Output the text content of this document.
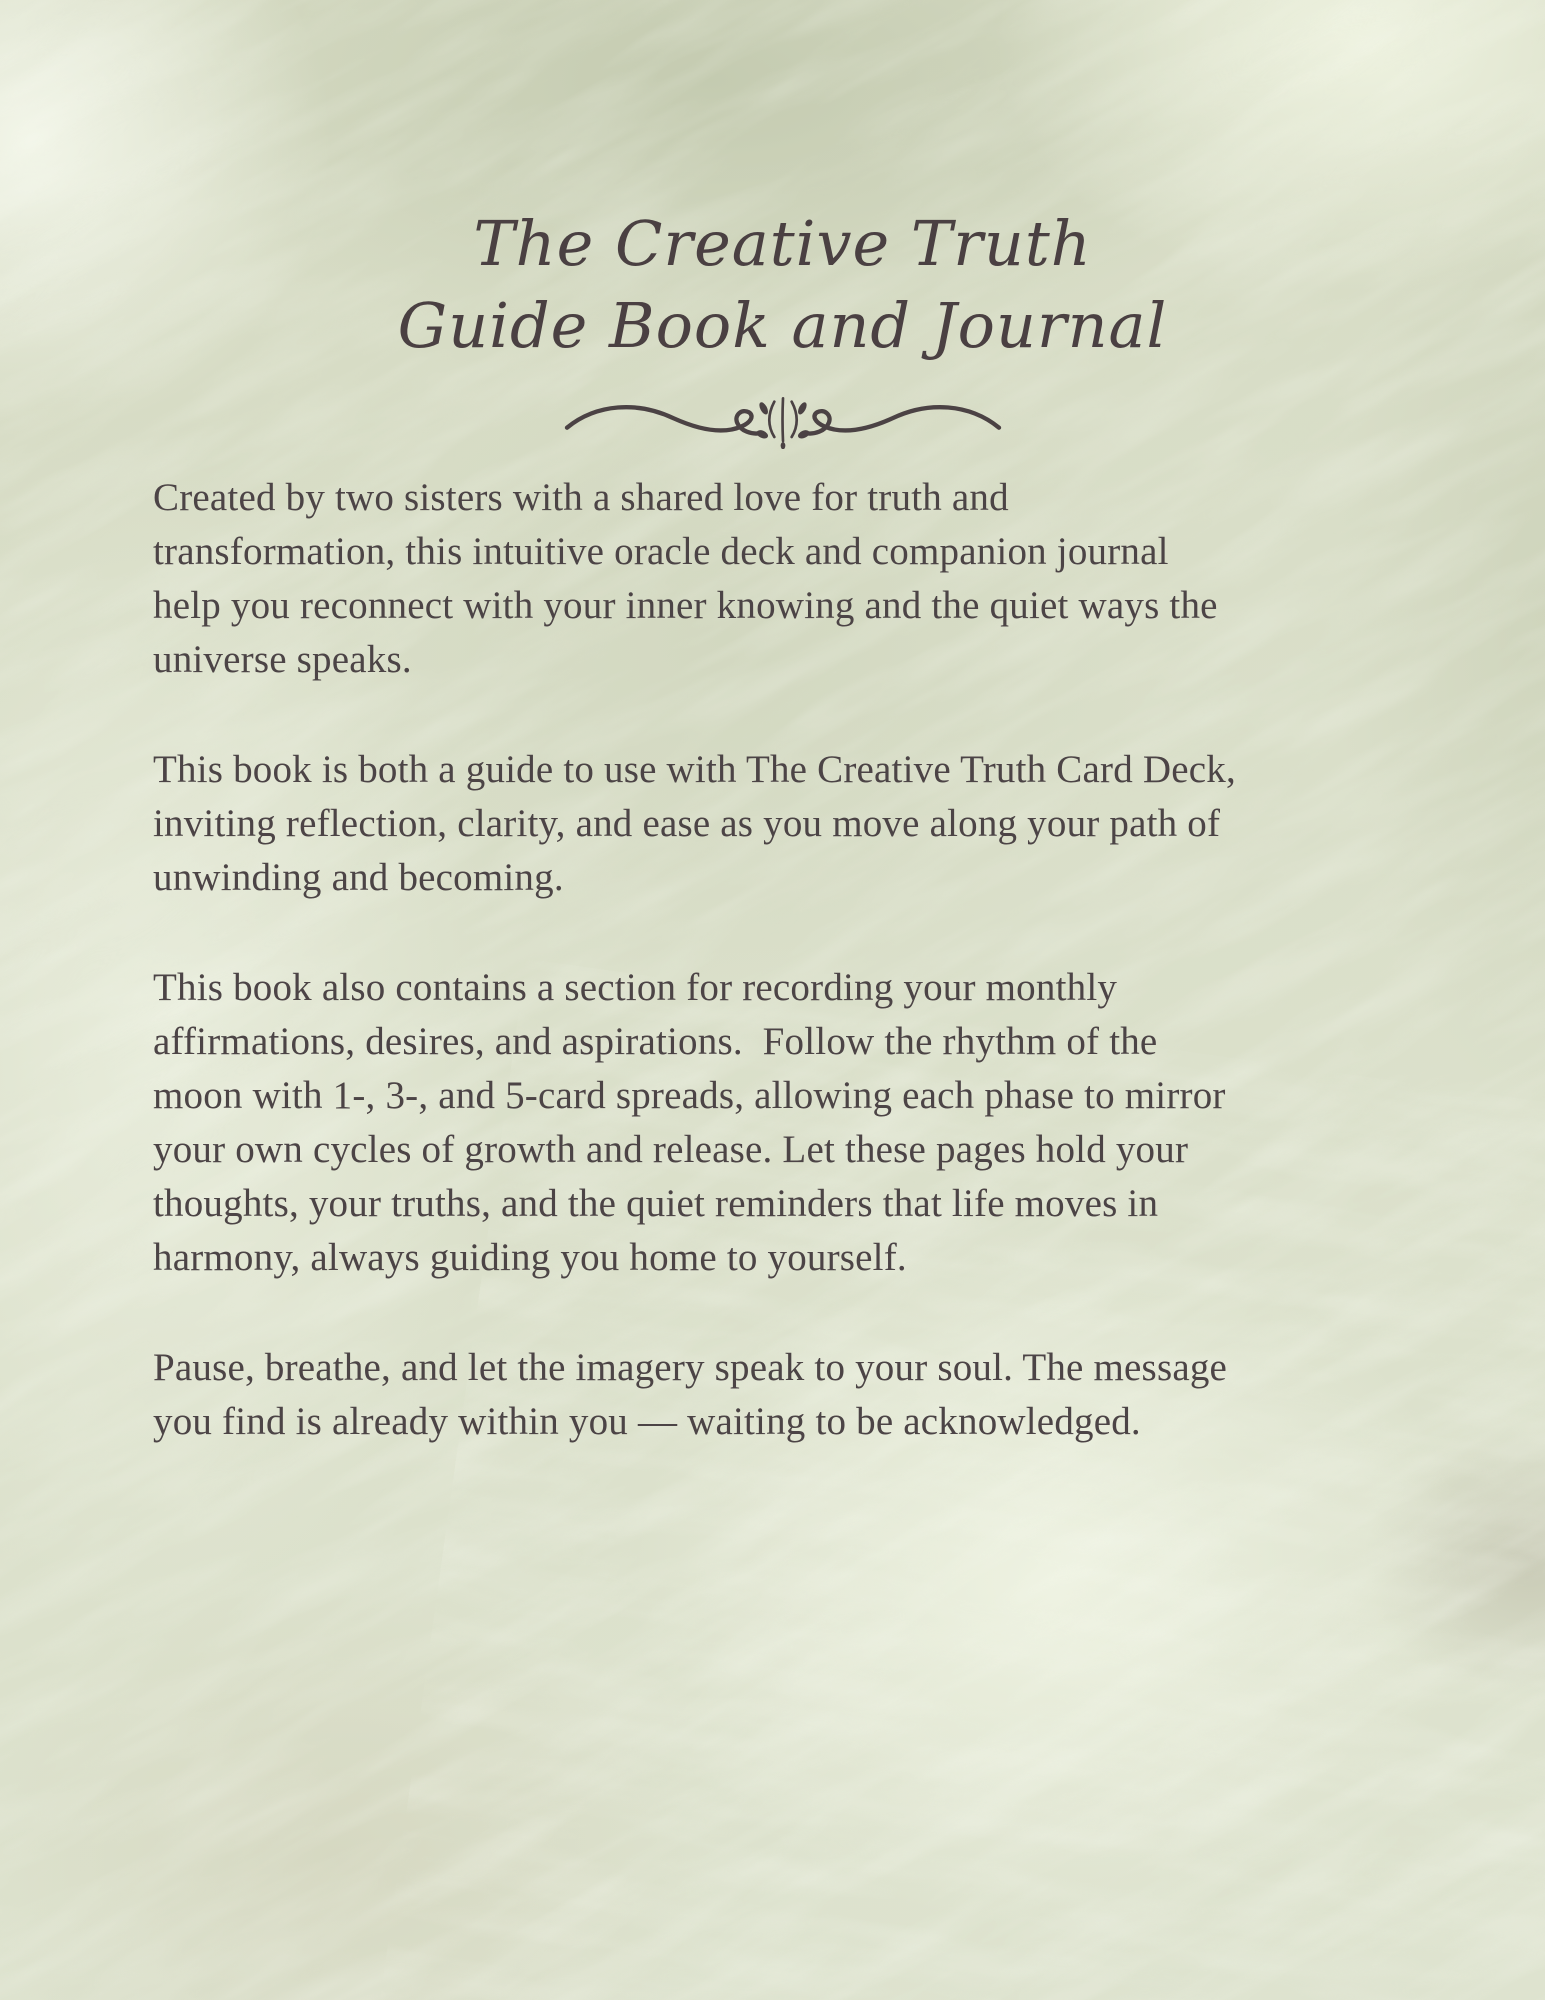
The Creative Truth
Guide Book and Journal

Created by two sisters with a shared love for truth and
transformation, this intuitive oracle deck and companion journal
help you reconnect with your inner knowing and the quiet ways the
universe speaks.

This book is both a guide to use with The Creative Truth Card Deck,
inviting reflection, clarity, and ease as you move along your path of
unwinding and becoming.

This book also contains a section for recording your monthly
affirmations, desires, and aspirations.  Follow the rhythm of the
moon with 1-, 3-, and 5-card spreads, allowing each phase to mirror
your own cycles of growth and release. Let these pages hold your
thoughts, your truths, and the quiet reminders that life moves in
harmony, always guiding you home to yourself.

Pause, breathe, and let the imagery speak to your soul. The message
you find is already within you — waiting to be acknowledged.
